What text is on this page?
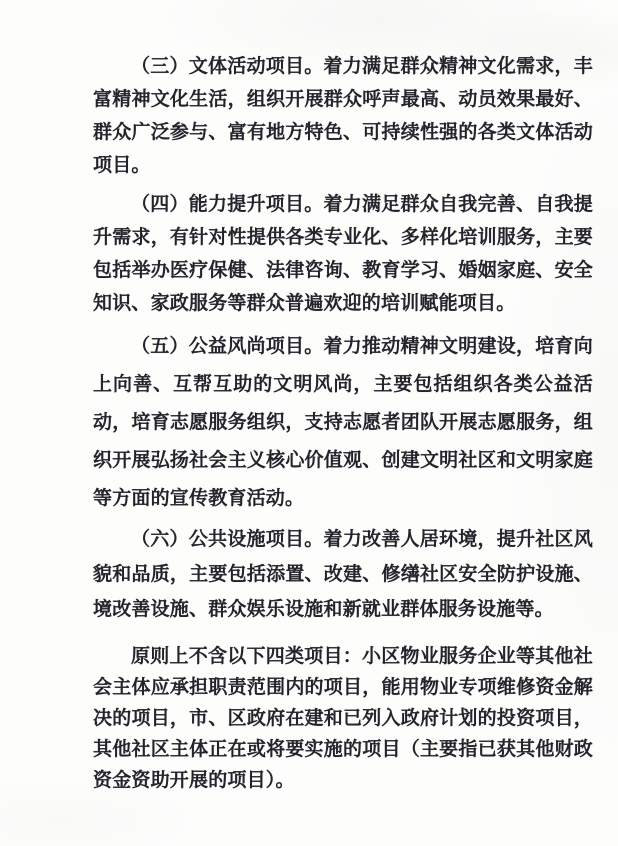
（三）文体活动项目。着力满足群众精神文化需求，丰富精神文化生活，组织开展群众呼声最高、动员效果最好、群众广泛参与、富有地方特色、可持续性强的各类文体活动项目。

（四）能力提升项目。着力满足群众自我完善、自我提升需求，有针对性提供各类专业化、多样化培训服务，主要包括举办医疗保健、法律咨询、教育学习、婚姻家庭、安全知识、家政服务等群众普遍欢迎的培训赋能项目。

（五）公益风尚项目。着力推动精神文明建设，培育向上向善、互帮互助的文明风尚，主要包括组织各类公益活动，培育志愿服务组织，支持志愿者团队开展志愿服务，组织开展弘扬社会主义核心价值观、创建文明社区和文明家庭等方面的宣传教育活动。

（六）公共设施项目。着力改善人居环境，提升社区风貌和品质，主要包括添置、改建、修缮社区安全防护设施、境改善设施、群众娱乐设施和新就业群体服务设施等。

原则上不含以下四类项目：小区物业服务企业等其他社会主体应承担职责范围内的项目，能用物业专项维修资金解决的项目，市、区政府在建和已列入政府计划的投资项目，其他社区主体正在或将要实施的项目（主要指已获其他财政资金资助开展的项目）。
